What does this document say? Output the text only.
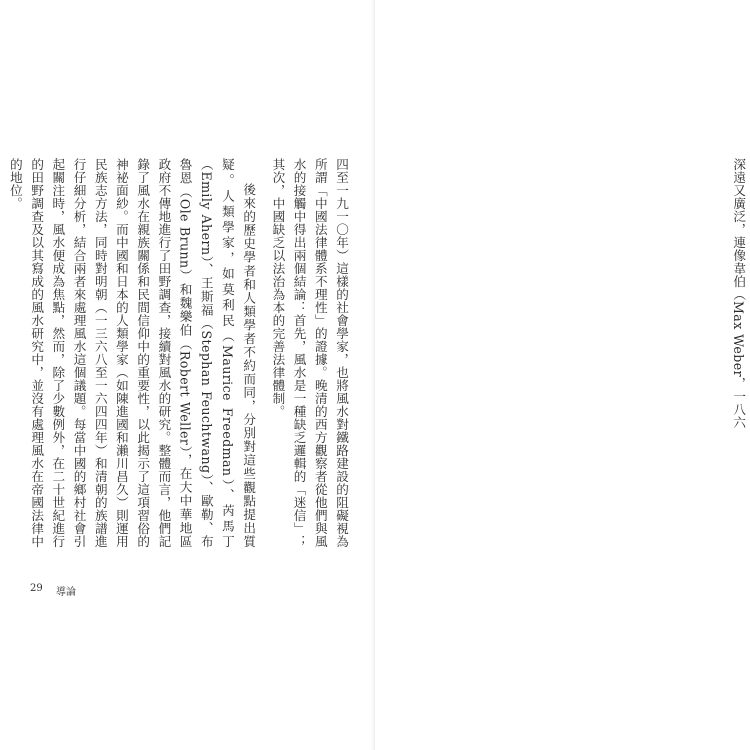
四至一九一〇年）這樣的社會學家，也將風水對鐵路建設的阻礙視為所謂「中國法律體系不理性」的證據。晚清的西方觀察者從他們與風水的接觸中得出兩個結論：首先，風水是一種缺乏邏輯的「迷信」；其次，中國缺乏以法治為本的完善法律體制。

後來的歷史學者和人類學者不約而同，分別對這些觀點提出質疑。人類學家，如莫利民（Maurice Freedman）、芮馬丁（Emily Ahern）、王斯福（Stephan Feuchtwang）、歐勒、布魯恩（Ole Brunn）和魏樂伯（Robert Weller），在大中華地區政府不傳地進行了田野調查，接續對風水的研究。整體而言，他們記錄了風水在親族關係和民間信仰中的重要性，以此揭示了這項習俗的神祕面紗。而中國和日本的人類學家（如陳進國和瀨川昌久）則運用民族志方法，同時對明朝（一三六八至一六四四年）和清朝的族譜進行仔細分析，結合兩者來處理風水這個議題。每當中國的鄉村社會引起關注時，風水便成為焦點，然而，除了少數例外，在二十世紀進行的田野調查及以其寫成的風水研究中，並沒有處理風水在帝國法律中的地位。

29 導論

深遠又廣泛，連像韋伯（Max Weber，一八六
